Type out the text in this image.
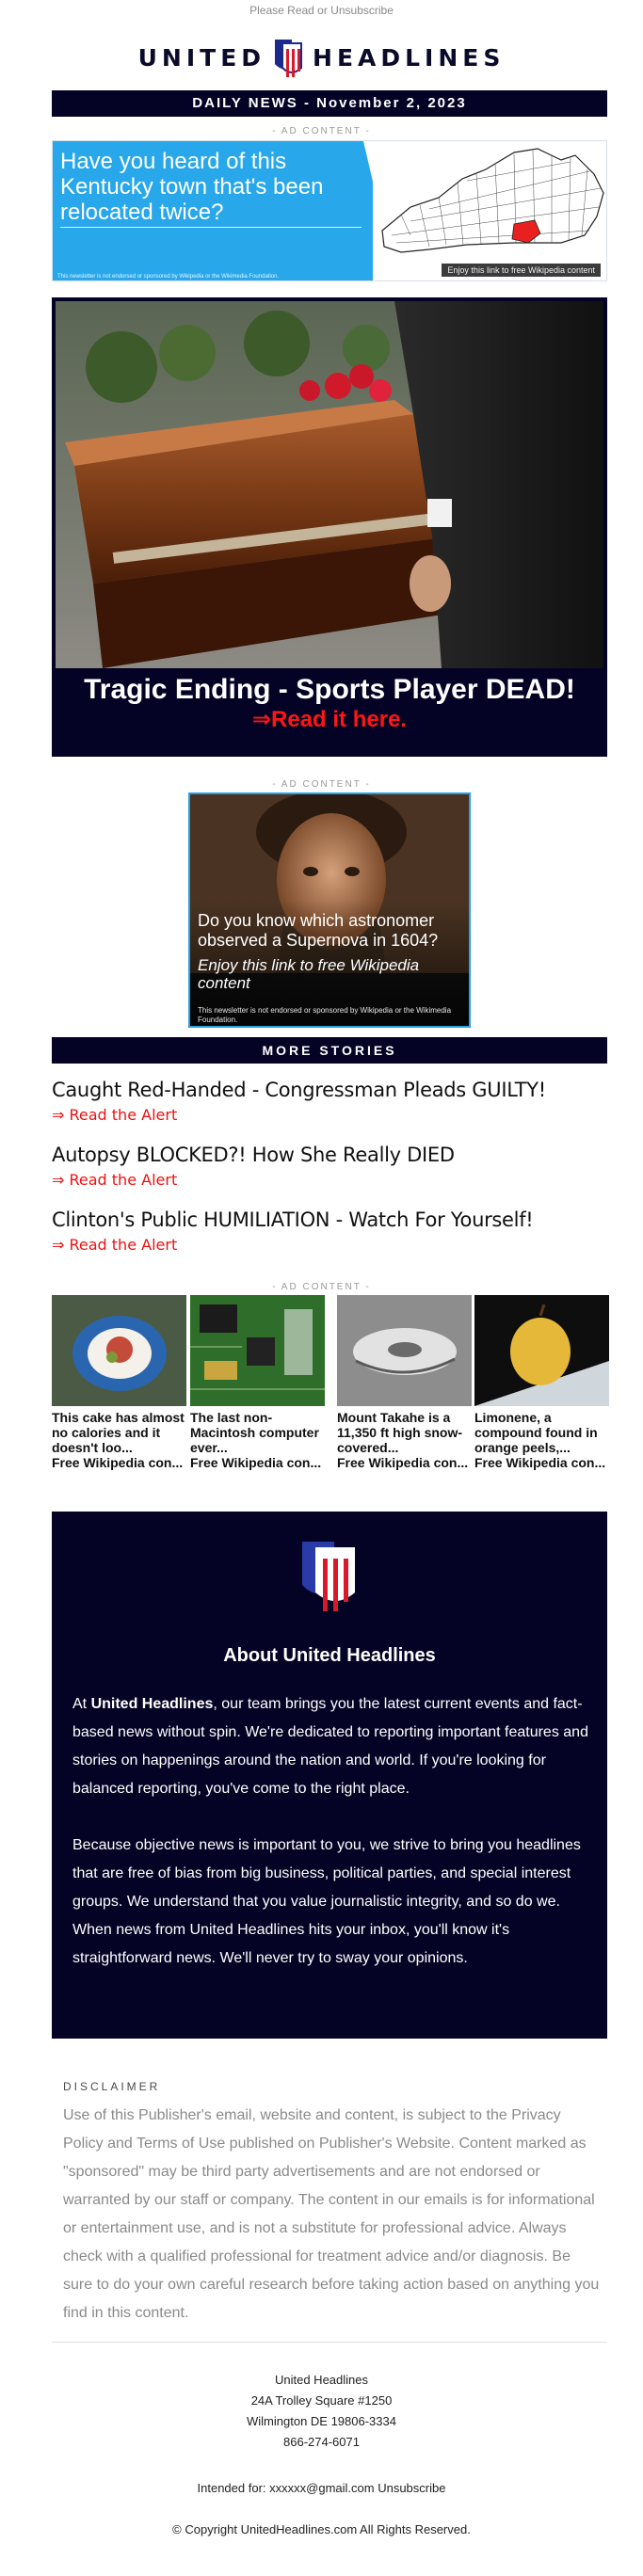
Please Read or Unsubscribe
UNITED HEADLINES
DAILY NEWS - November 2, 2023
- AD CONTENT -
Have you heard of this Kentucky town that's been relocated twice?
This newsletter is not endorsed or sponsored by Wikipedia or the Wikimedia Foundation.
Enjoy this link to free Wikipedia content
Tragic Ending - Sports Player DEAD!
⇒Read it here.
- AD CONTENT -
Do you know which astronomer observed a Supernova in 1604?
Enjoy this link to free Wikipedia content
This newsletter is not endorsed or sponsored by Wikipedia or the Wikimedia Foundation.
MORE STORIES
Caught Red-Handed - Congressman Pleads GUILTY!
⇒ Read the Alert
Autopsy BLOCKED?! How She Really DIED
⇒ Read the Alert
Clinton's Public HUMILIATION - Watch For Yourself!
⇒ Read the Alert
- AD CONTENT -
This cake has almost no calories and it doesn't loo...
Free Wikipedia con...
The last non-Macintosh computer ever...
Free Wikipedia con...
Mount Takahe is a 11,350 ft high snow-covered...
Free Wikipedia con...
Limonene, a compound found in orange peels,...
Free Wikipedia con...
About United Headlines

At United Headlines, our team brings you the latest current events and fact-based news without spin. We're dedicated to reporting important features and stories on happenings around the nation and world. If you're looking for balanced reporting, you've come to the right place.

Because objective news is important to you, we strive to bring you headlines that are free of bias from big business, political parties, and special interest groups. We understand that you value journalistic integrity, and so do we. When news from United Headlines hits your inbox, you'll know it's straightforward news. We'll never try to sway your opinions.

DISCLAIMER
Use of this Publisher's email, website and content, is subject to the Privacy Policy and Terms of Use published on Publisher's Website. Content marked as "sponsored" may be third party advertisements and are not endorsed or warranted by our staff or company. The content in our emails is for informational or entertainment use, and is not a substitute for professional advice. Always check with a qualified professional for treatment advice and/or diagnosis. Be sure to do your own careful research before taking action based on anything you find in this content.
United Headlines
24A Trolley Square #1250
Wilmington DE 19806-3334
866-274-6071
Intended for: xxxxxx@gmail.com Unsubscribe
© Copyright UnitedHeadlines.com All Rights Reserved.
